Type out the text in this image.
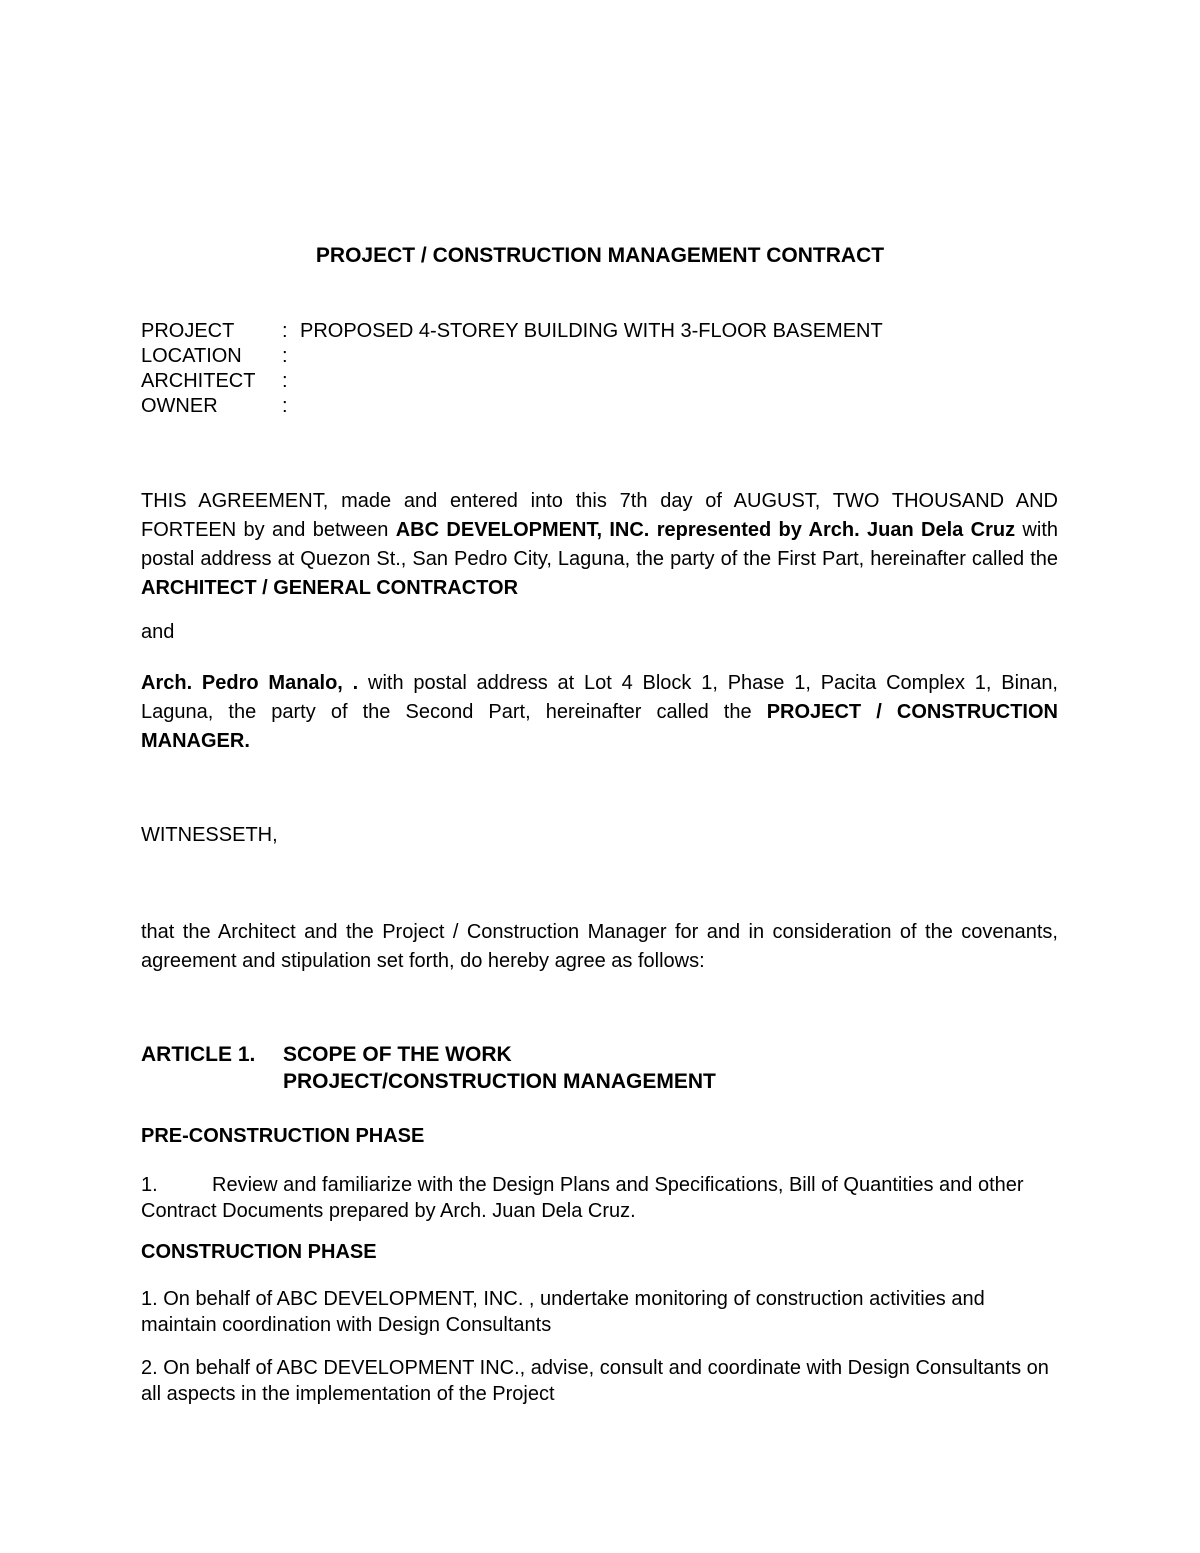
PROJECT / CONSTRUCTION MANAGEMENT CONTRACT
PROJECT	: PROPOSED 4-STOREY BUILDING WITH 3-FLOOR BASEMENT
LOCATION	:
ARCHITECT	:
OWNER	:
THIS AGREEMENT, made and entered into this 7th day of AUGUST, TWO THOUSAND AND FORTEEN by and between ABC DEVELOPMENT, INC. represented by Arch. Juan Dela Cruz with postal address at Quezon St., San Pedro City, Laguna, the party of the First Part, hereinafter called the ARCHITECT / GENERAL CONTRACTOR
and
Arch. Pedro Manalo, . with postal address at Lot 4 Block 1, Phase 1, Pacita Complex 1, Binan, Laguna, the party of the Second Part, hereinafter called the PROJECT / CONSTRUCTION MANAGER.
WITNESSETH,
that the Architect and the Project / Construction Manager for and in consideration of the covenants, agreement and stipulation set forth, do hereby agree as follows:
ARTICLE 1. SCOPE OF THE WORK
PROJECT/CONSTRUCTION MANAGEMENT
PRE-CONSTRUCTION PHASE
1.	Review and familiarize with the Design Plans and Specifications, Bill of Quantities and other Contract Documents prepared by Arch. Juan Dela Cruz.
CONSTRUCTION PHASE
1. On behalf of ABC DEVELOPMENT, INC. , undertake monitoring of construction activities and maintain coordination with Design Consultants
2. On behalf of ABC DEVELOPMENT INC., advise, consult and coordinate with Design Consultants on all aspects in the implementation of the Project
